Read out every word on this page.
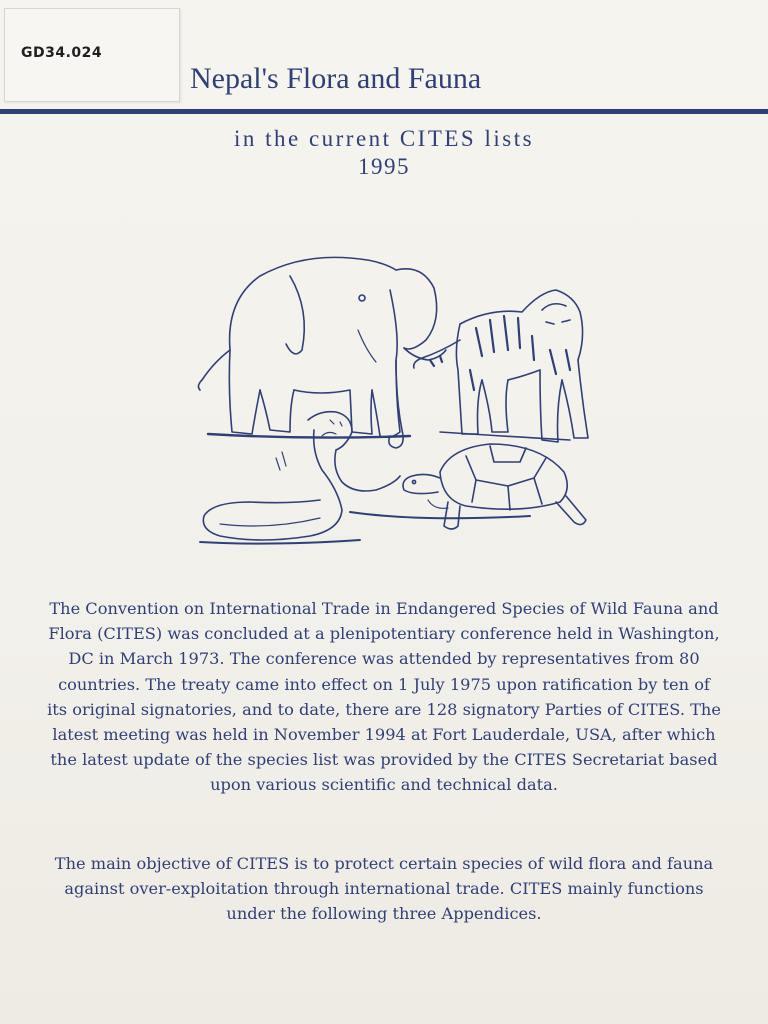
GD34.024
Nepal's Flora and Fauna
in the current CITES lists
1995

The Convention on International Trade in Endangered Species of Wild Fauna and Flora (CITES) was concluded at a plenipotentiary conference held in Washington, DC in March 1973. The conference was attended by representatives from 80 countries. The treaty came into effect on 1 July 1975 upon ratification by ten of its original signatories, and to date, there are 128 signatory Parties of CITES. The latest meeting was held in November 1994 at Fort Lauderdale, USA, after which the latest update of the species list was provided by the CITES Secretariat based upon various scientific and technical data.

The main objective of CITES is to protect certain species of wild flora and fauna against over-exploitation through international trade. CITES mainly functions under the following three Appendices.
